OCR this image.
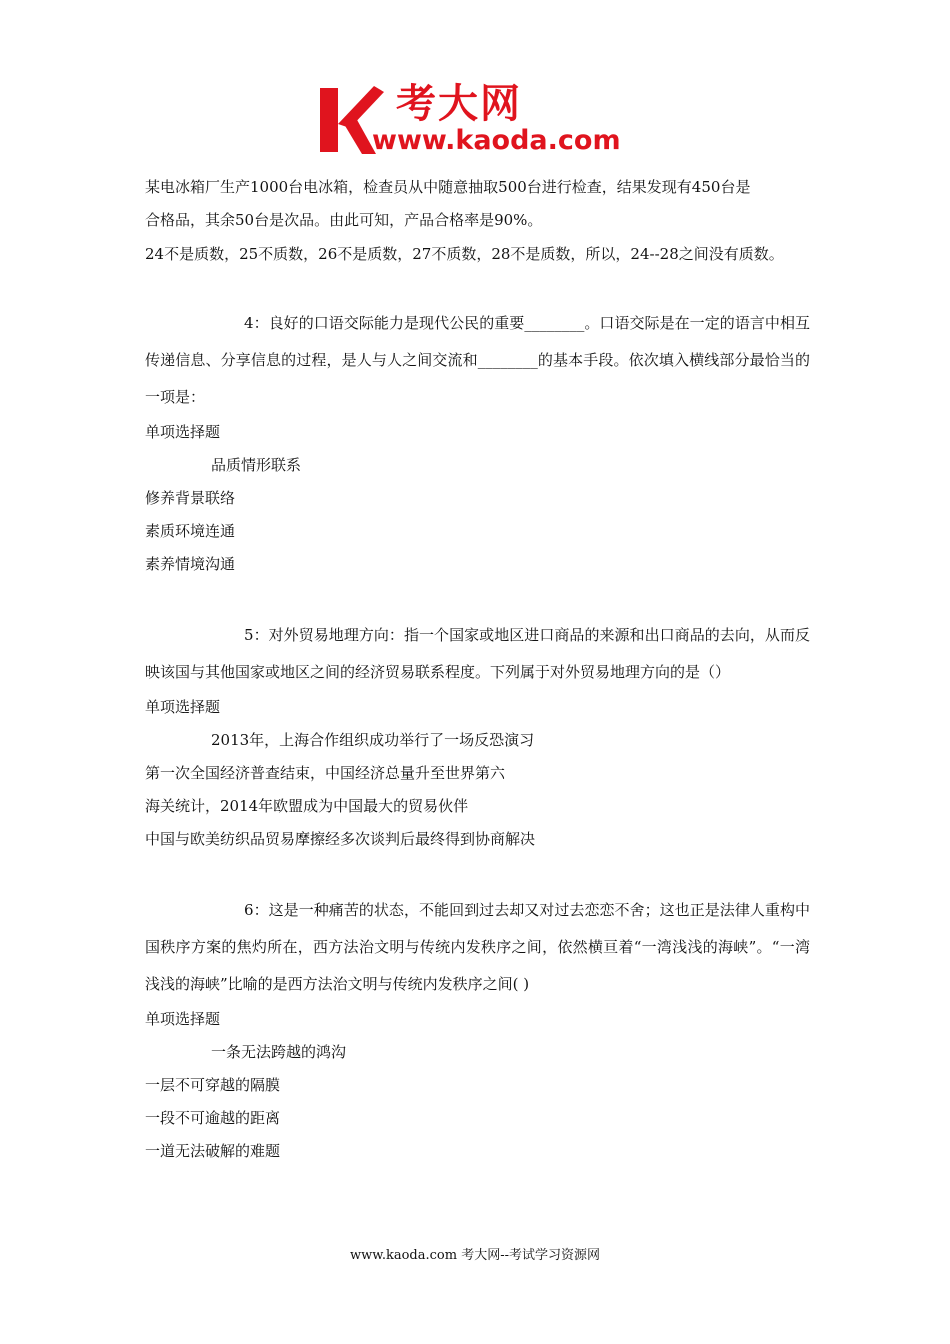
考大网
www.kaoda.com
某电冰箱厂生产1000台电冰箱，检查员从中随意抽取500台进行检查，结果发现有450台是
合格品，其余50台是次品。由此可知，产品合格率是90%。
24不是质数，25不质数，26不是质数，27不质数，28不是质数，所以，24--28之间没有质数。
4：良好的口语交际能力是现代公民的重要________。口语交际是在一定的语言中相互传递信息、分享信息的过程，是人与人之间交流和________的基本手段。依次填入横线部分最恰当的一项是：
单项选择题
品质情形联系
修养背景联络
素质环境连通
素养情境沟通
5：对外贸易地理方向：指一个国家或地区进口商品的来源和出口商品的去向，从而反映该国与其他国家或地区之间的经济贸易联系程度。下列属于对外贸易地理方向的是（）
单项选择题
2013年，上海合作组织成功举行了一场反恐演习
第一次全国经济普查结束，中国经济总量升至世界第六
海关统计，2014年欧盟成为中国最大的贸易伙伴
中国与欧美纺织品贸易摩擦经多次谈判后最终得到协商解决
6：这是一种痛苦的状态，不能回到过去却又对过去恋恋不舍；这也正是法律人重构中国秩序方案的焦灼所在，西方法治文明与传统内发秩序之间，依然横亘着“一湾浅浅的海峡”。“一湾浅浅的海峡”比喻的是西方法治文明与传统内发秩序之间( )
单项选择题
一条无法跨越的鸿沟
一层不可穿越的隔膜
一段不可逾越的距离
一道无法破解的难题
www.kaoda.com 考大网--考试学习资源网
